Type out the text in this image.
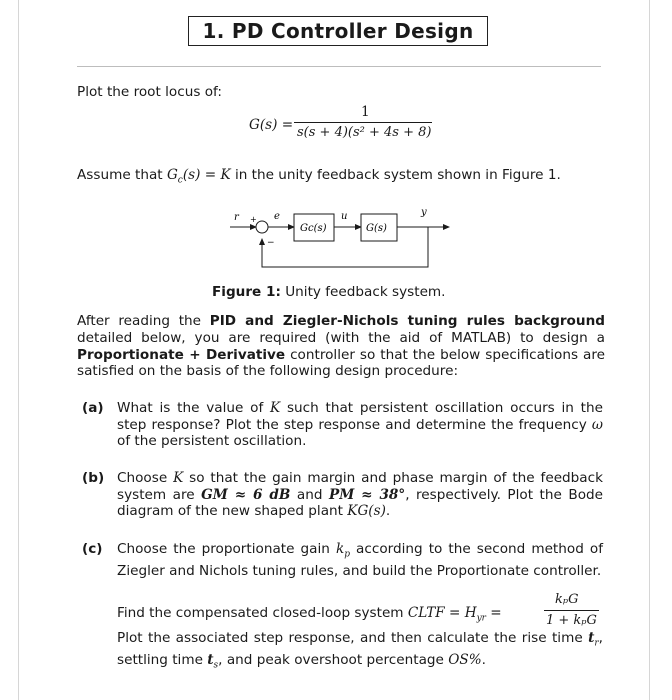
1. PD Controller Design
Plot the root locus of:
G(s) =
1
s(s + 4)(s² + 4s + 8)
Assume that $G_c(s) = K$ in the unity feedback system shown in Figure 1.
r	e	u	y
+
−
Gc(s)	G(s)
Figure 1: Unity feedback system.
After reading the PID and Ziegler-Nichols tuning rules background detailed below, you are required (with the aid of MATLAB) to design a Proportionate + Derivative controller so that the below specifications are satisfied on the basis of the following design procedure:
(a) What is the value of K such that persistent oscillation occurs in the step response? Plot the step response and determine the frequency ω of the persistent oscillation.
(b) Choose K so that the gain margin and phase margin of the feedback system are GM ≈ 6 dB and PM ≈ 38°, respectively. Plot the Bode diagram of the new shaped plant KG(s).
(c) Choose the proportionate gain $k_p$ according to the second method of Ziegler and Nichols tuning rules, and build the Proportionate controller.
Find the compensated closed-loop system CLTF = $H_{yr}$ =
kₚG
1 + kₚG
Plot the associated step response, and then calculate the rise time $t_r$, settling time $t_s$, and peak overshoot percentage OS%.
